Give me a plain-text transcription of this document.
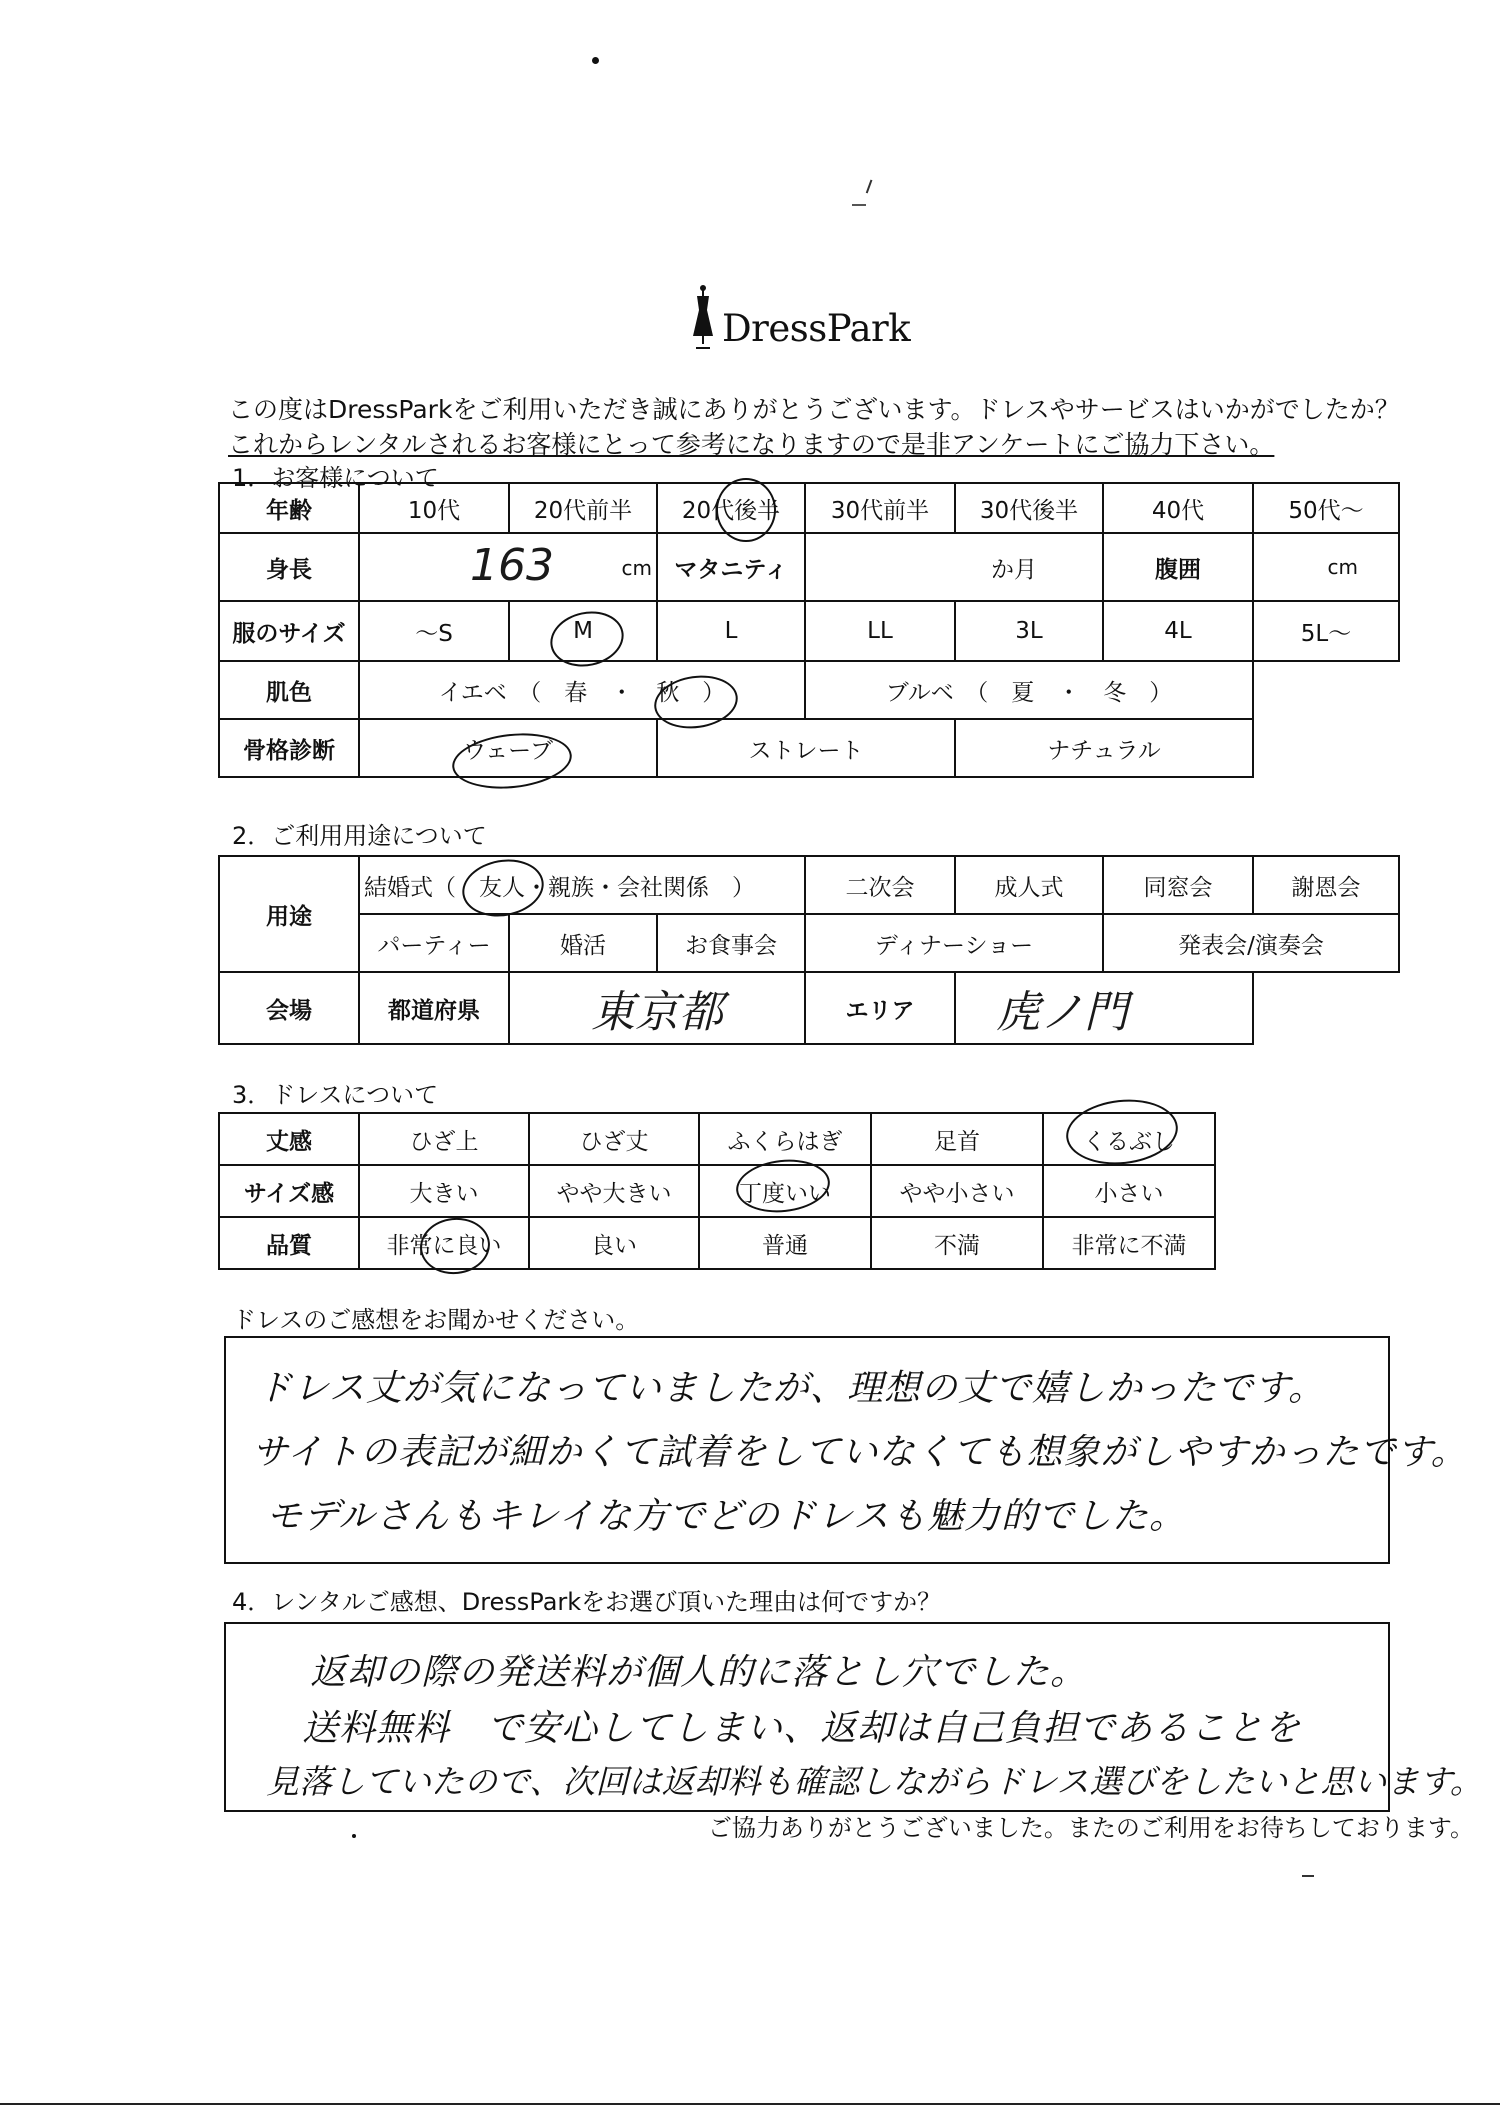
DressPark
この度はDressParkをご利用いただき誠にありがとうございます。ドレスやサービスはいかがでしたか？
これからレンタルされるお客様にとって参考になりますので是非アンケートにご協力下さい。
1．お客様について
年齢	10代	20代前半	20代後半	30代前半	30代後半	40代	50代～
身長	163 cm		マタニティ	か月		腹囲	cm
服のサイズ	～S	M	L	LL	3L	4L	5L～
肌色	イエベ　（　春　・　秋　）			ブルベ　（　夏　・　冬　）			
骨格診断	ウェーブ		ストレート		ナチュラル		
2．ご利用用途について
用途	結婚式（　友人・親族・会社関係　）			二次会	成人式	同窓会	謝恩会
	パーティー	婚活	お食事会	ディナーショー		発表会/演奏会	
会場	都道府県	東京都		エリア	虎ノ門		
3．ドレスについて
丈感	ひざ上	ひざ丈	ふくらはぎ	足首	くるぶし
サイズ感	大きい	やや大きい	丁度いい	やや小さい	小さい
品質	非常に良い	良い	普通	不満	非常に不満
ドレスのご感想をお聞かせください。
ドレス丈が気になっていましたが、理想の丈で嬉しかったです。
サイトの表記が細かくて試着をしていなくても想象がしやすかったです。
モデルさんもキレイな方でどのドレスも魅力的でした。
4．レンタルご感想、DressParkをお選び頂いた理由は何ですか？
返却の際の発送料が個人的に落とし穴でした。
送料無料　で安心してしまい、返却は自己負担であることを
見落していたので、次回は返却料も確認しながらドレス選びをしたいと思います。
ご協力ありがとうございました。またのご利用をお待ちしております。
